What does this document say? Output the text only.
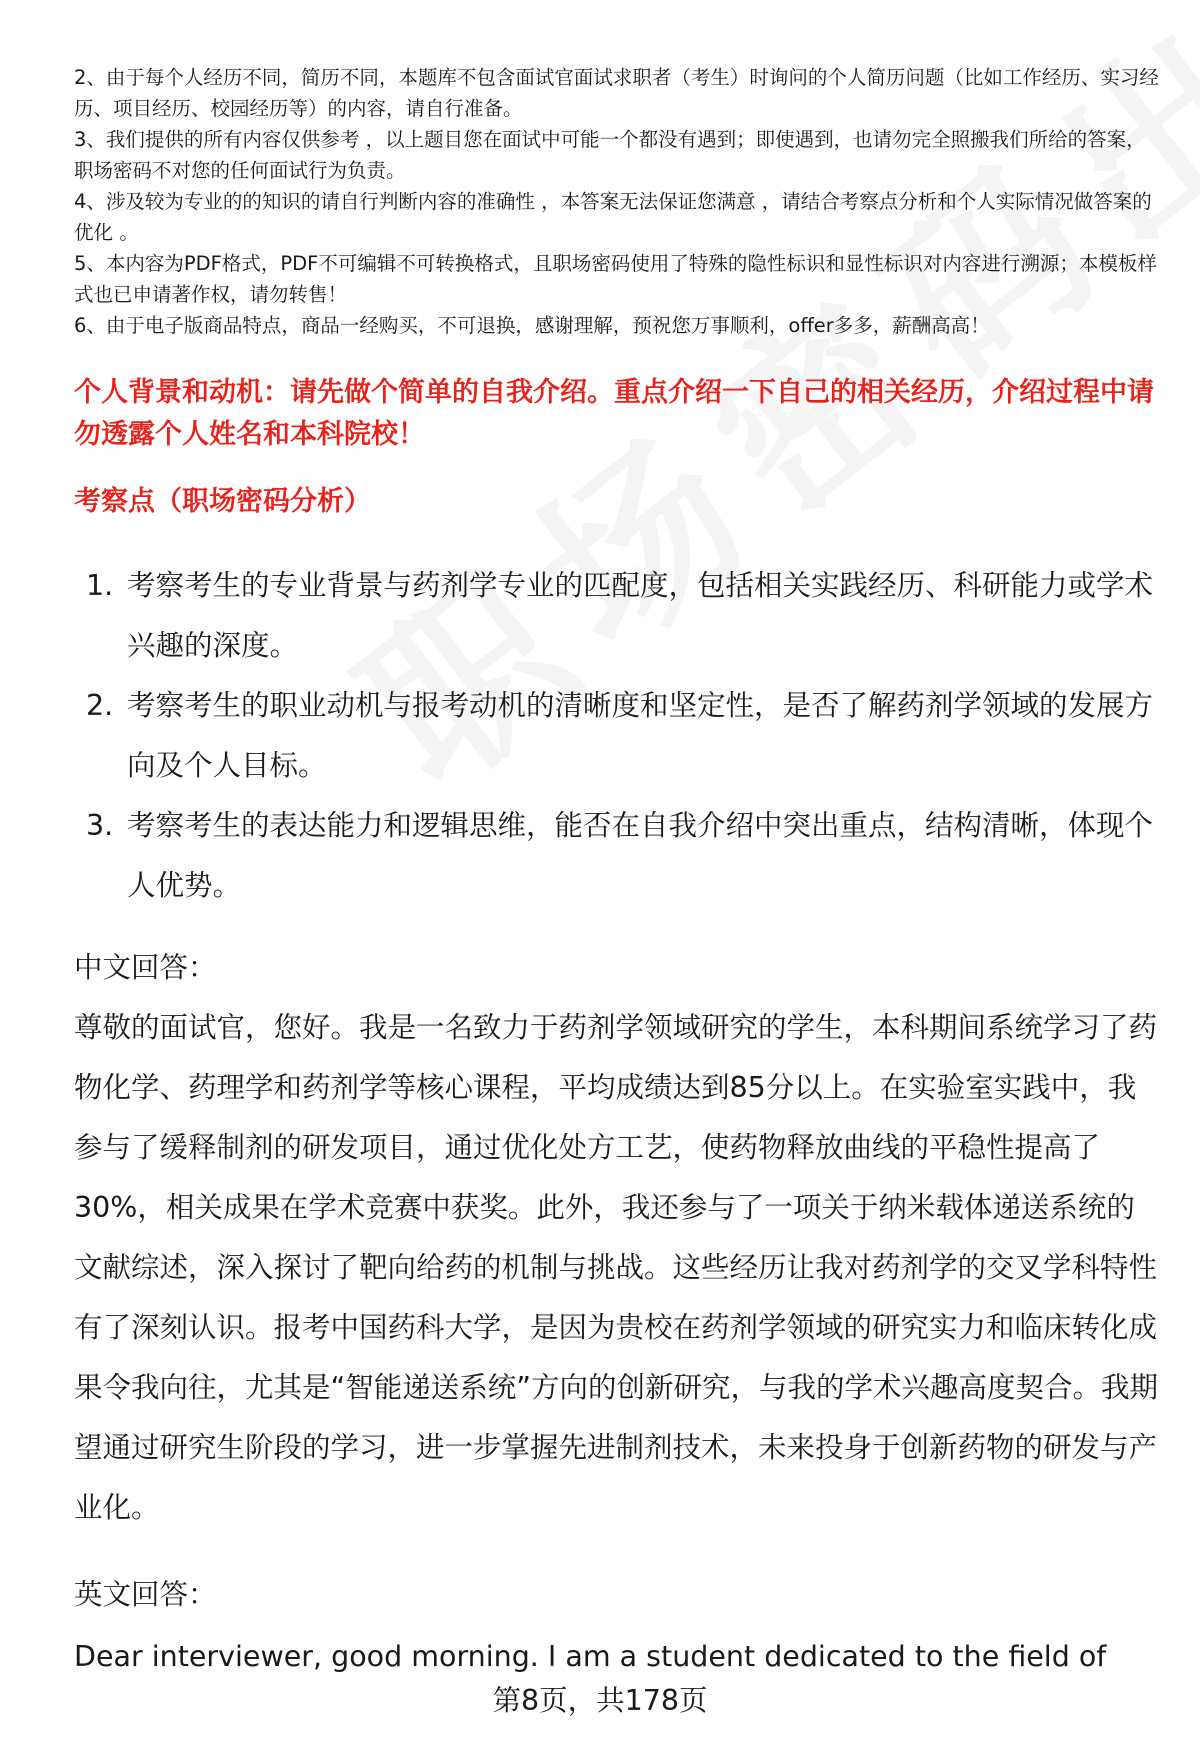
2、由于每个人经历不同，简历不同，本题库不包含面试官面试求职者（考生）时询问的个人简历问题（比如工作经历、实习经历、项目经历、校园经历等）的内容，请自行准备。

3、我们提供的所有内容仅供参考 ，以上题目您在面试中可能一个都没有遇到；即使遇到，也请勿完全照搬我们所给的答案，职场密码不对您的任何面试行为负责。

4、涉及较为专业的的知识的请自行判断内容的准确性 ，本答案无法保证您满意 ，请结合考察点分析和个人实际情况做答案的优化 。

5、本内容为PDF格式，PDF不可编辑不可转换格式，且职场密码使用了特殊的隐性标识和显性标识对内容进行溯源；本模板样式也已申请著作权，请勿转售！

6、由于电子版商品特点，商品一经购买，不可退换，感谢理解，预祝您万事顺利，offer多多，薪酬高高！

个人背景和动机：请先做个简单的自我介绍。重点介绍一下自己的相关经历，介绍过程中请勿透露个人姓名和本科院校！
考察点（职场密码分析）
1. 考察考生的专业背景与药剂学专业的匹配度，包括相关实践经历、科研能力或学术兴趣的深度。
2. 考察考生的职业动机与报考动机的清晰度和坚定性，是否了解药剂学领域的发展方向及个人目标。
3. 考察考生的表达能力和逻辑思维，能否在自我介绍中突出重点，结构清晰，体现个人优势。

中文回答：

尊敬的面试官，您好。我是一名致力于药剂学领域研究的学生，本科期间系统学习了药物化学、药理学和药剂学等核心课程，平均成绩达到85分以上。在实验室实践中，我参与了缓释制剂的研发项目，通过优化处方工艺，使药物释放曲线的平稳性提高了30%，相关成果在学术竞赛中获奖。此外，我还参与了一项关于纳米载体递送系统的文献综述，深入探讨了靶向给药的机制与挑战。这些经历让我对药剂学的交叉学科特性有了深刻认识。报考中国药科大学，是因为贵校在药剂学领域的研究实力和临床转化成果令我向往，尤其是“智能递送系统”方向的创新研究，与我的学术兴趣高度契合。我期望通过研究生阶段的学习，进一步掌握先进制剂技术，未来投身于创新药物的研发与产业化。

英文回答：

Dear interviewer, good morning. I am a student dedicated to the field of

第8页，共178页
